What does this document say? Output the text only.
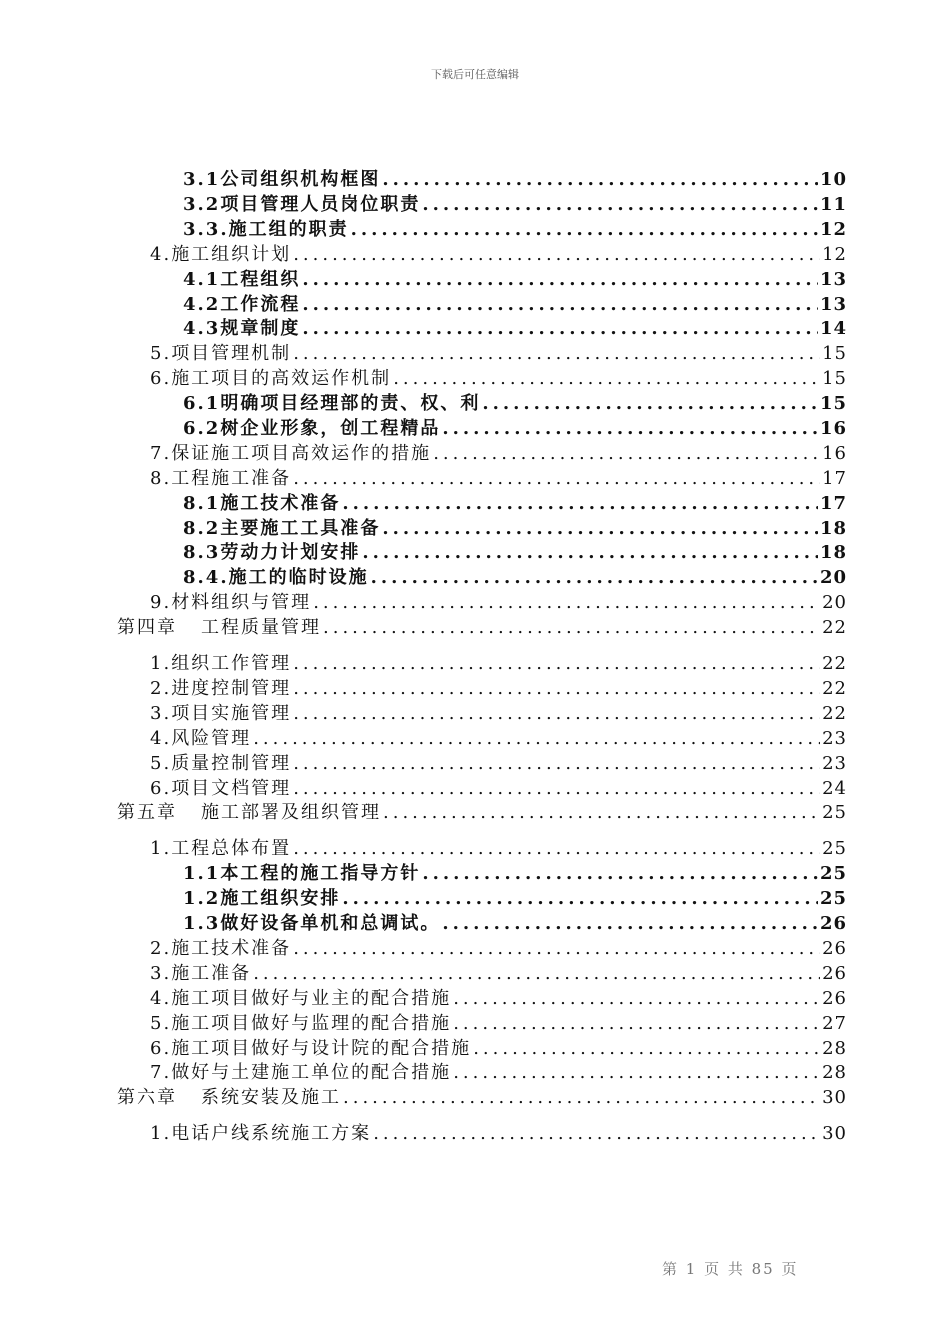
下载后可任意编辑
3.1 公司组织机构框图 .....	10
3.2 项目管理人员岗位职责 .....	11
3.3. 施工组的职责 .....	12
4. 施工组织计划 .....	12
4.1 工程组织 .....	13
4.2 工作流程 .....	13
4.3 规章制度 .....	14
5. 项目管理机制 .....	15
6. 施工项目的高效运作机制 .....	15
6.1 明确项目经理部的责、权、利 .....	15
6.2 树企业形象，创工程精品 .....	16
7. 保证施工项目高效运作的措施 .....	16
8. 工程施工准备 .....	17
8.1 施工技术准备 .....	17
8.2 主要施工工具准备 .....	18
8.3 劳动力计划安排 .....	18
8.4. 施工的临时设施 .....	20
9. 材料组织与管理 .....	20
第四章 工程质量管理 .....	22
1. 组织工作管理 .....	22
2. 进度控制管理 .....	22
3. 项目实施管理 .....	22
4. 风险管理 .....	23
5. 质量控制管理 .....	23
6. 项目文档管理 .....	24
第五章 施工部署及组织管理 .....	25
1. 工程总体布置 .....	25
1.1 本工程的施工指导方针 .....	25
1.2 施工组织安排 .....	25
1.3 做好设备单机和总调试。 .....	26
2. 施工技术准备 .....	26
3. 施工准备 .....	26
4. 施工项目做好与业主的配合措施 .....	26
5. 施工项目做好与监理的配合措施 .....	27
6. 施工项目做好与设计院的配合措施 .....	28
7. 做好与土建施工单位的配合措施 .....	28
第六章 系统安装及施工 .....	30
1. 电话户线系统施工方案 .....	30
第 1 页 共 85 页
